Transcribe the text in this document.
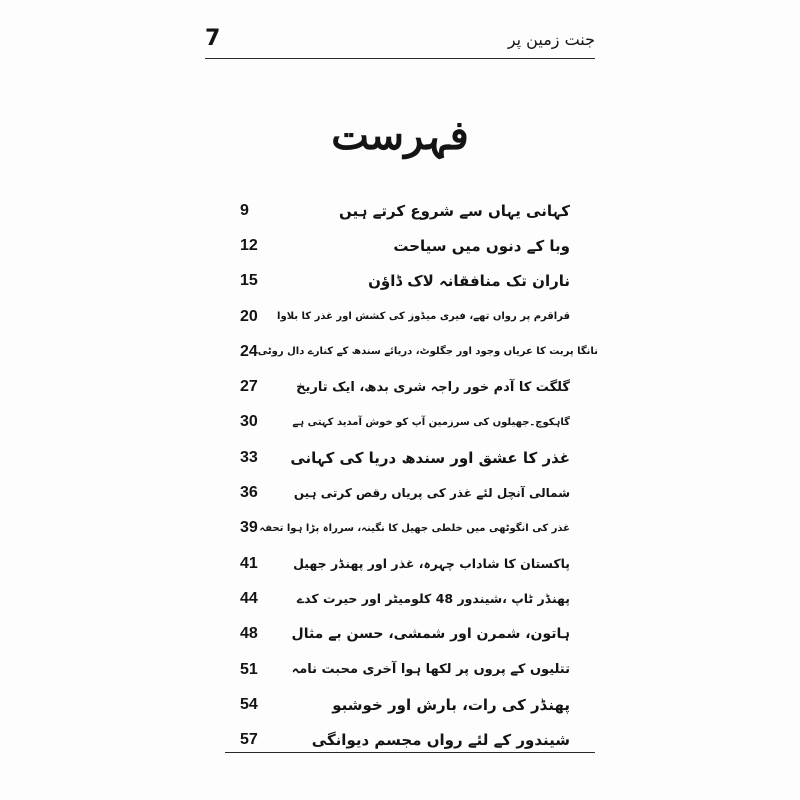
7	جنت زمین پر
فہرست
9	کہانی یہاں سے شروع کرتے ہیں
12	وبا کے دنوں میں سیاحت
15	ناران تک منافقانہ لاک ڈاؤن
20	قراقرم پر رواں تھے، فیری میڈوز کی کشش اور غذر کا بلاوا
24 نانگا پربت کا عریاں وجود اور جگلوٹ، دریائے سندھ کے کنارے دال روٹی
27	گلگت کا آدم خور راجہ شری بدھ، ایک تاریخ
30	گاہکوچ۔جھیلوں کی سرزمین آپ کو خوش آمدید کہتی ہے
33	غذر کا عشق اور سندھ دریا کی کہانی
36	شمالی آنچل لئے غذر کی پریاں رقص کرتی ہیں
39 غذر کی انگوٹھی میں خلطی جھیل کا نگینہ، سرراہ پڑا ہوا تحفہ
41	پاکستان کا شاداب چہرہ، غذر اور پھنڈر جھیل
44	پھنڈر ٹاپ ،شیندور 48 کلومیٹر اور حیرت کدے
48	ہاتون، شمرن اور شمشی، حسن بے مثال
51	تتلیوں کے پروں پر لکھا ہوا آخری محبت نامہ
54	پھنڈر کی رات، بارش اور خوشبو
57	شیندور کے لئے رواں مجسم دیوانگی
